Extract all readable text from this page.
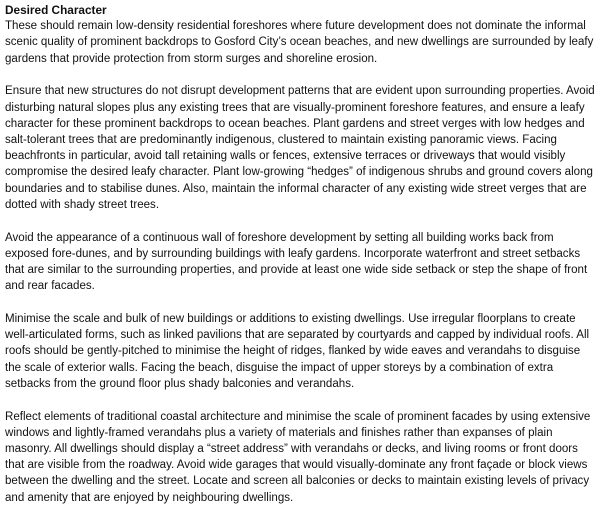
Desired Character

These should remain low-density residential foreshores where future development does not dominate the informal scenic quality of prominent backdrops to Gosford City’s ocean beaches, and new dwellings are surrounded by leafy gardens that provide protection from storm surges and shoreline erosion.

Ensure that new structures do not disrupt development patterns that are evident upon surrounding properties. Avoid disturbing natural slopes plus any existing trees that are visually-prominent foreshore features, and ensure a leafy character for these prominent backdrops to ocean beaches. Plant gardens and street verges with low hedges and salt-tolerant trees that are predominantly indigenous, clustered to maintain existing panoramic views. Facing beachfronts in particular, avoid tall retaining walls or fences, extensive terraces or driveways that would visibly compromise the desired leafy character. Plant low-growing “hedges” of indigenous shrubs and ground covers along boundaries and to stabilise dunes. Also, maintain the informal character of any existing wide street verges that are dotted with shady street trees.

Avoid the appearance of a continuous wall of foreshore development by setting all building works back from exposed fore-dunes, and by surrounding buildings with leafy gardens. Incorporate waterfront and street setbacks that are similar to the surrounding properties, and provide at least one wide side setback or step the shape of front and rear facades.

Minimise the scale and bulk of new buildings or additions to existing dwellings. Use irregular floorplans to create well-articulated forms, such as linked pavilions that are separated by courtyards and capped by individual roofs. All roofs should be gently-pitched to minimise the height of ridges, flanked by wide eaves and verandahs to disguise the scale of exterior walls. Facing the beach, disguise the impact of upper storeys by a combination of extra setbacks from the ground floor plus shady balconies and verandahs.

Reflect elements of traditional coastal architecture and minimise the scale of prominent facades by using extensive windows and lightly-framed verandahs plus a variety of materials and finishes rather than expanses of plain masonry. All dwellings should display a “street address” with verandahs or decks, and living rooms or front doors that are visible from the roadway. Avoid wide garages that would visually-dominate any front façade or block views between the dwelling and the street. Locate and screen all balconies or decks to maintain existing levels of privacy and amenity that are enjoyed by neighbouring dwellings.
